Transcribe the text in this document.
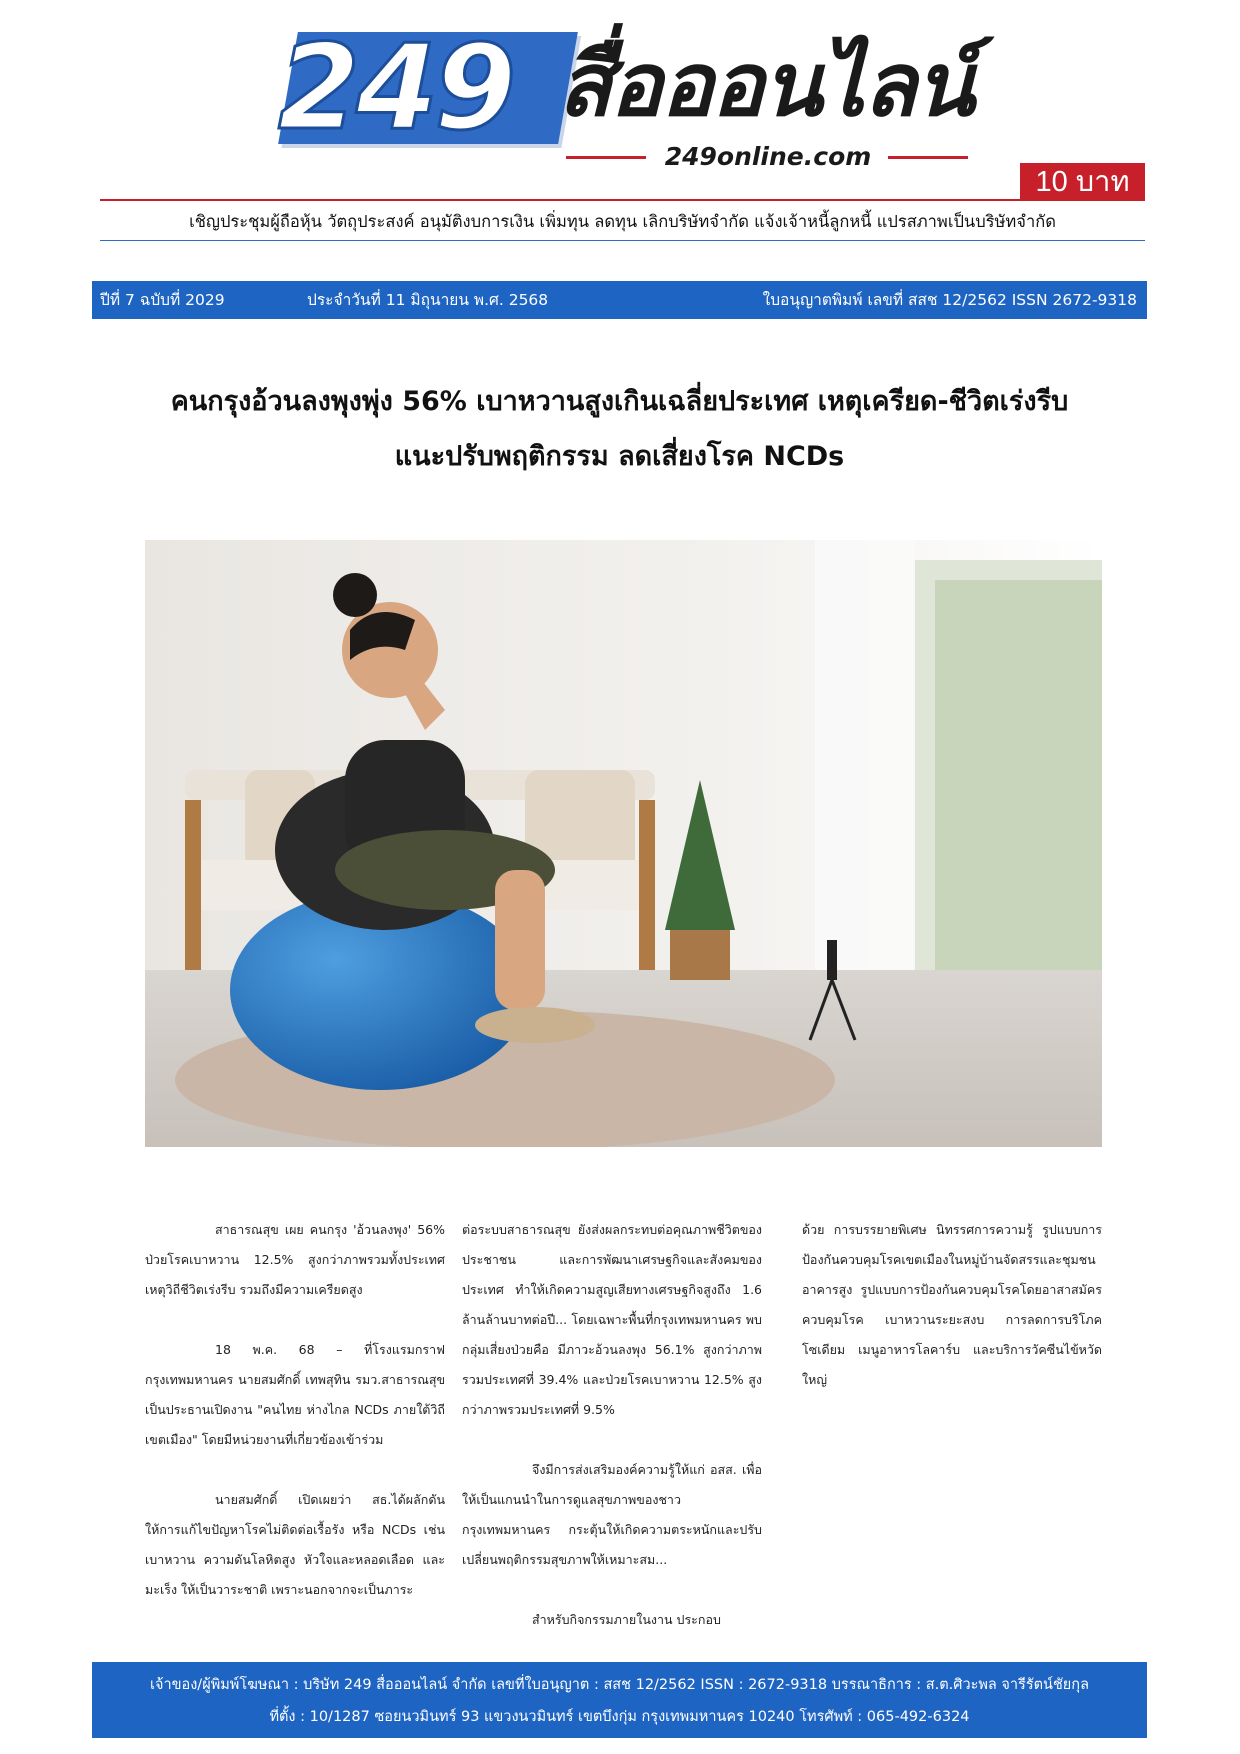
249 สื่อออนไลน์
249online.com
10 บาท
เชิญประชุมผู้ถือหุ้น วัตถุประสงค์ อนุมัติงบการเงิน เพิ่มทุน ลดทุน เลิกบริษัทจำกัด แจ้งเจ้าหนี้ลูกหนี้ แปรสภาพเป็นบริษัทจำกัด
ปีที่ 7 ฉบับที่ 2029	ประจำวันที่ 11 มิถุนายน พ.ศ. 2568	ใบอนุญาตพิมพ์ เลขที่ สสช 12/2562 ISSN 2672-9318
คนกรุงอ้วนลงพุงพุ่ง 56% เบาหวานสูงเกินเฉลี่ยประเทศ เหตุเครียด-ชีวิตเร่งรีบ
แนะปรับพฤติกรรม ลดเสี่ยงโรค NCDs

สาธารณสุข เผย คนกรุง 'อ้วนลงพุง' 56% ป่วยโรคเบาหวาน 12.5% สูงกว่าภาพรวมทั้งประเทศ เหตุวิถีชีวิตเร่งรีบ รวมถึงมีความเครียดสูง

18 พ.ค. 68 – ที่โรงแรมกราฟ กรุงเทพมหานคร นายสมศักดิ์ เทพสุทิน รมว.สาธารณสุข เป็นประธานเปิดงาน "คนไทย ห่างไกล NCDs ภายใต้วิถีเขตเมือง" โดยมีหน่วยงานที่เกี่ยวข้องเข้าร่วม

นายสมศักดิ์ เปิดเผยว่า สธ.ได้ผลักดันให้การแก้ไขปัญหาโรคไม่ติดต่อเรื้อรัง หรือ NCDs เช่น เบาหวาน ความดันโลหิตสูง หัวใจและหลอดเลือด และมะเร็ง ให้เป็นวาระชาติ เพราะนอกจากจะเป็นภาระ

ต่อระบบสาธารณสุข ยังส่งผลกระทบต่อคุณภาพชีวิตของประชาชน และการพัฒนาเศรษฐกิจและสังคมของประเทศ ทำให้เกิดความสูญเสียทางเศรษฐกิจสูงถึง 1.6 ล้านล้านบาทต่อปี... โดยเฉพาะพื้นที่กรุงเทพมหานคร พบกลุ่มเสี่ยงป่วยคือ มีภาวะอ้วนลงพุง 56.1% สูงกว่าภาพรวมประเทศที่ 39.4% และป่วยโรคเบาหวาน 12.5% สูงกว่าภาพรวมประเทศที่ 9.5%

จึงมีการส่งเสริมองค์ความรู้ให้แก่ อสส. เพื่อให้เป็นแกนนำในการดูแลสุขภาพของชาวกรุงเทพมหานคร กระตุ้นให้เกิดความตระหนักและปรับเปลี่ยนพฤติกรรมสุขภาพให้เหมาะสม...

สำหรับกิจกรรมภายในงาน ประกอบ

ด้วย การบรรยายพิเศษ นิทรรศการความรู้ รูปแบบการป้องกันควบคุมโรคเขตเมืองในหมู่บ้านจัดสรรและชุมชนอาคารสูง รูปแบบการป้องกันควบคุมโรคโดยอาสาสมัครควบคุมโรค เบาหวานระยะสงบ การลดการบริโภคโซเดียม เมนูอาหารโลคาร์บ และบริการวัคซีนไข้หวัดใหญ่

เจ้าของ/ผู้พิมพ์โฆษณา : บริษัท 249 สื่อออนไลน์ จำกัด เลขที่ใบอนุญาต : สสช 12/2562 ISSN : 2672-9318 บรรณาธิการ : ส.ต.ศิวะพล จารีรัตน์ชัยกุล
ที่ตั้ง : 10/1287 ซอยนวมินทร์ 93 แขวงนวมินทร์ เขตบึงกุ่ม กรุงเทพมหานคร 10240 โทรศัพท์ : 065-492-6324
